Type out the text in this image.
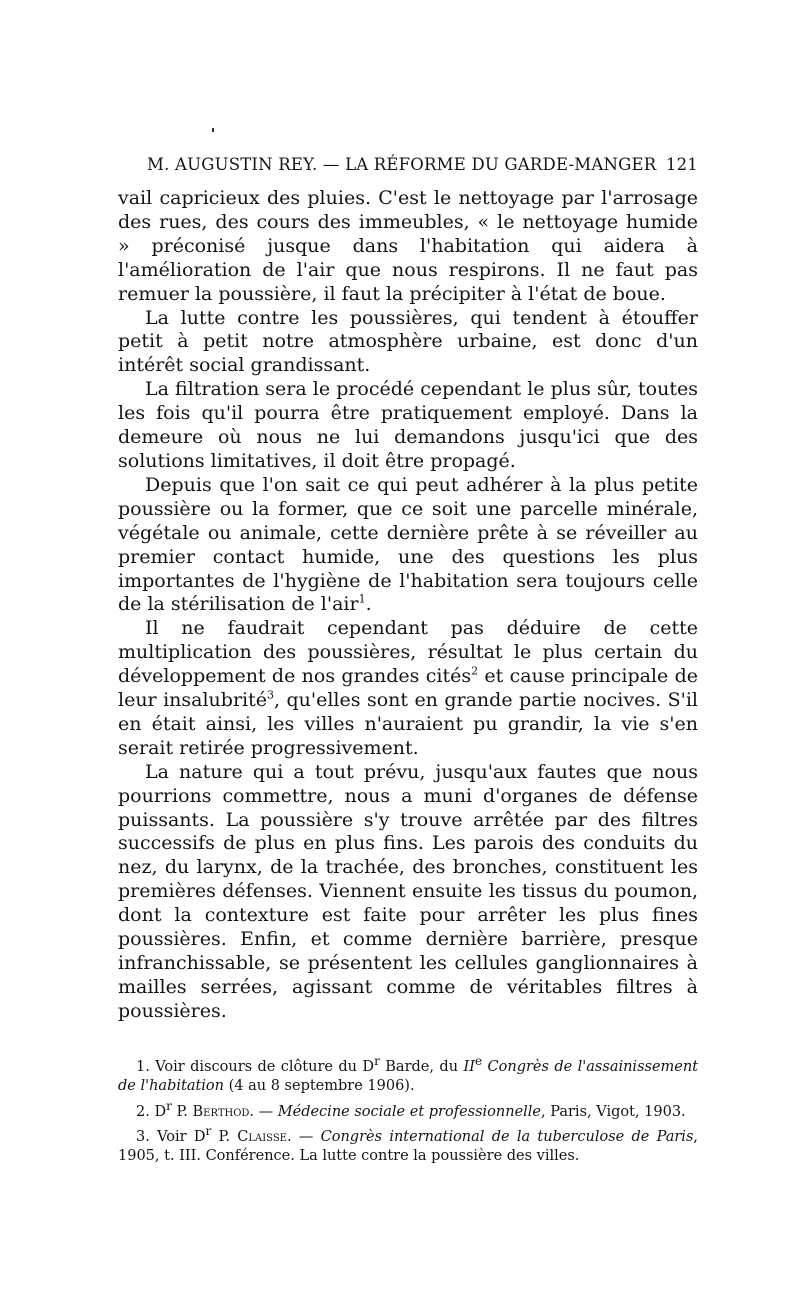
M. AUGUSTIN REY. — LA RÉFORME DU GARDE-MANGER 121

vail capricieux des pluies. C'est le nettoyage par l'arrosage des rues, des cours des immeubles, « le nettoyage humide » préconisé jusque dans l'habitation qui aidera à l'amélioration de l'air que nous respirons. Il ne faut pas remuer la poussière, il faut la précipiter à l'état de boue.

La lutte contre les poussières, qui tendent à étouffer petit à petit notre atmosphère urbaine, est donc d'un intérêt social grandissant.

La filtration sera le procédé cependant le plus sûr, toutes les fois qu'il pourra être pratiquement employé. Dans la demeure où nous ne lui demandons jusqu'ici que des solutions limitatives, il doit être propagé.

Depuis que l'on sait ce qui peut adhérer à la plus petite poussière ou la former, que ce soit une parcelle minérale, végétale ou animale, cette dernière prête à se réveiller au premier contact humide, une des questions les plus importantes de l'hygiène de l'habitation sera toujours celle de la stérilisation de l'air$^1$.

Il ne faudrait cependant pas déduire de cette multiplication des poussières, résultat le plus certain du développement de nos grandes cités$^2$ et cause principale de leur insalubrité$^3$, qu'elles sont en grande partie nocives. S'il en était ainsi, les villes n'auraient pu grandir, la vie s'en serait retirée progressivement.

La nature qui a tout prévu, jusqu'aux fautes que nous pourrions commettre, nous a muni d'organes de défense puissants. La poussière s'y trouve arrêtée par des filtres successifs de plus en plus fins. Les parois des conduits du nez, du larynx, de la trachée, des bronches, constituent les premières défenses. Viennent ensuite les tissus du poumon, dont la contexture est faite pour arrêter les plus fines poussières. Enfin, et comme dernière barrière, presque infranchissable, se présentent les cellules ganglionnaires à mailles serrées, agissant comme de véritables filtres à poussières.

1. Voir discours de clôture du $D^r$ Barde, du IIe Congrès de l'assainissement de l'habitation (4 au 8 septembre 1906).

2. $D^r$ P. Berthod. — Médecine sociale et professionnelle, Paris, Vigot, 1903.

3. Voir $D^r$ P. Claisse. — Congrès international de la tuberculose de Paris, 1905, t. III. Conférence. La lutte contre la poussière des villes.
